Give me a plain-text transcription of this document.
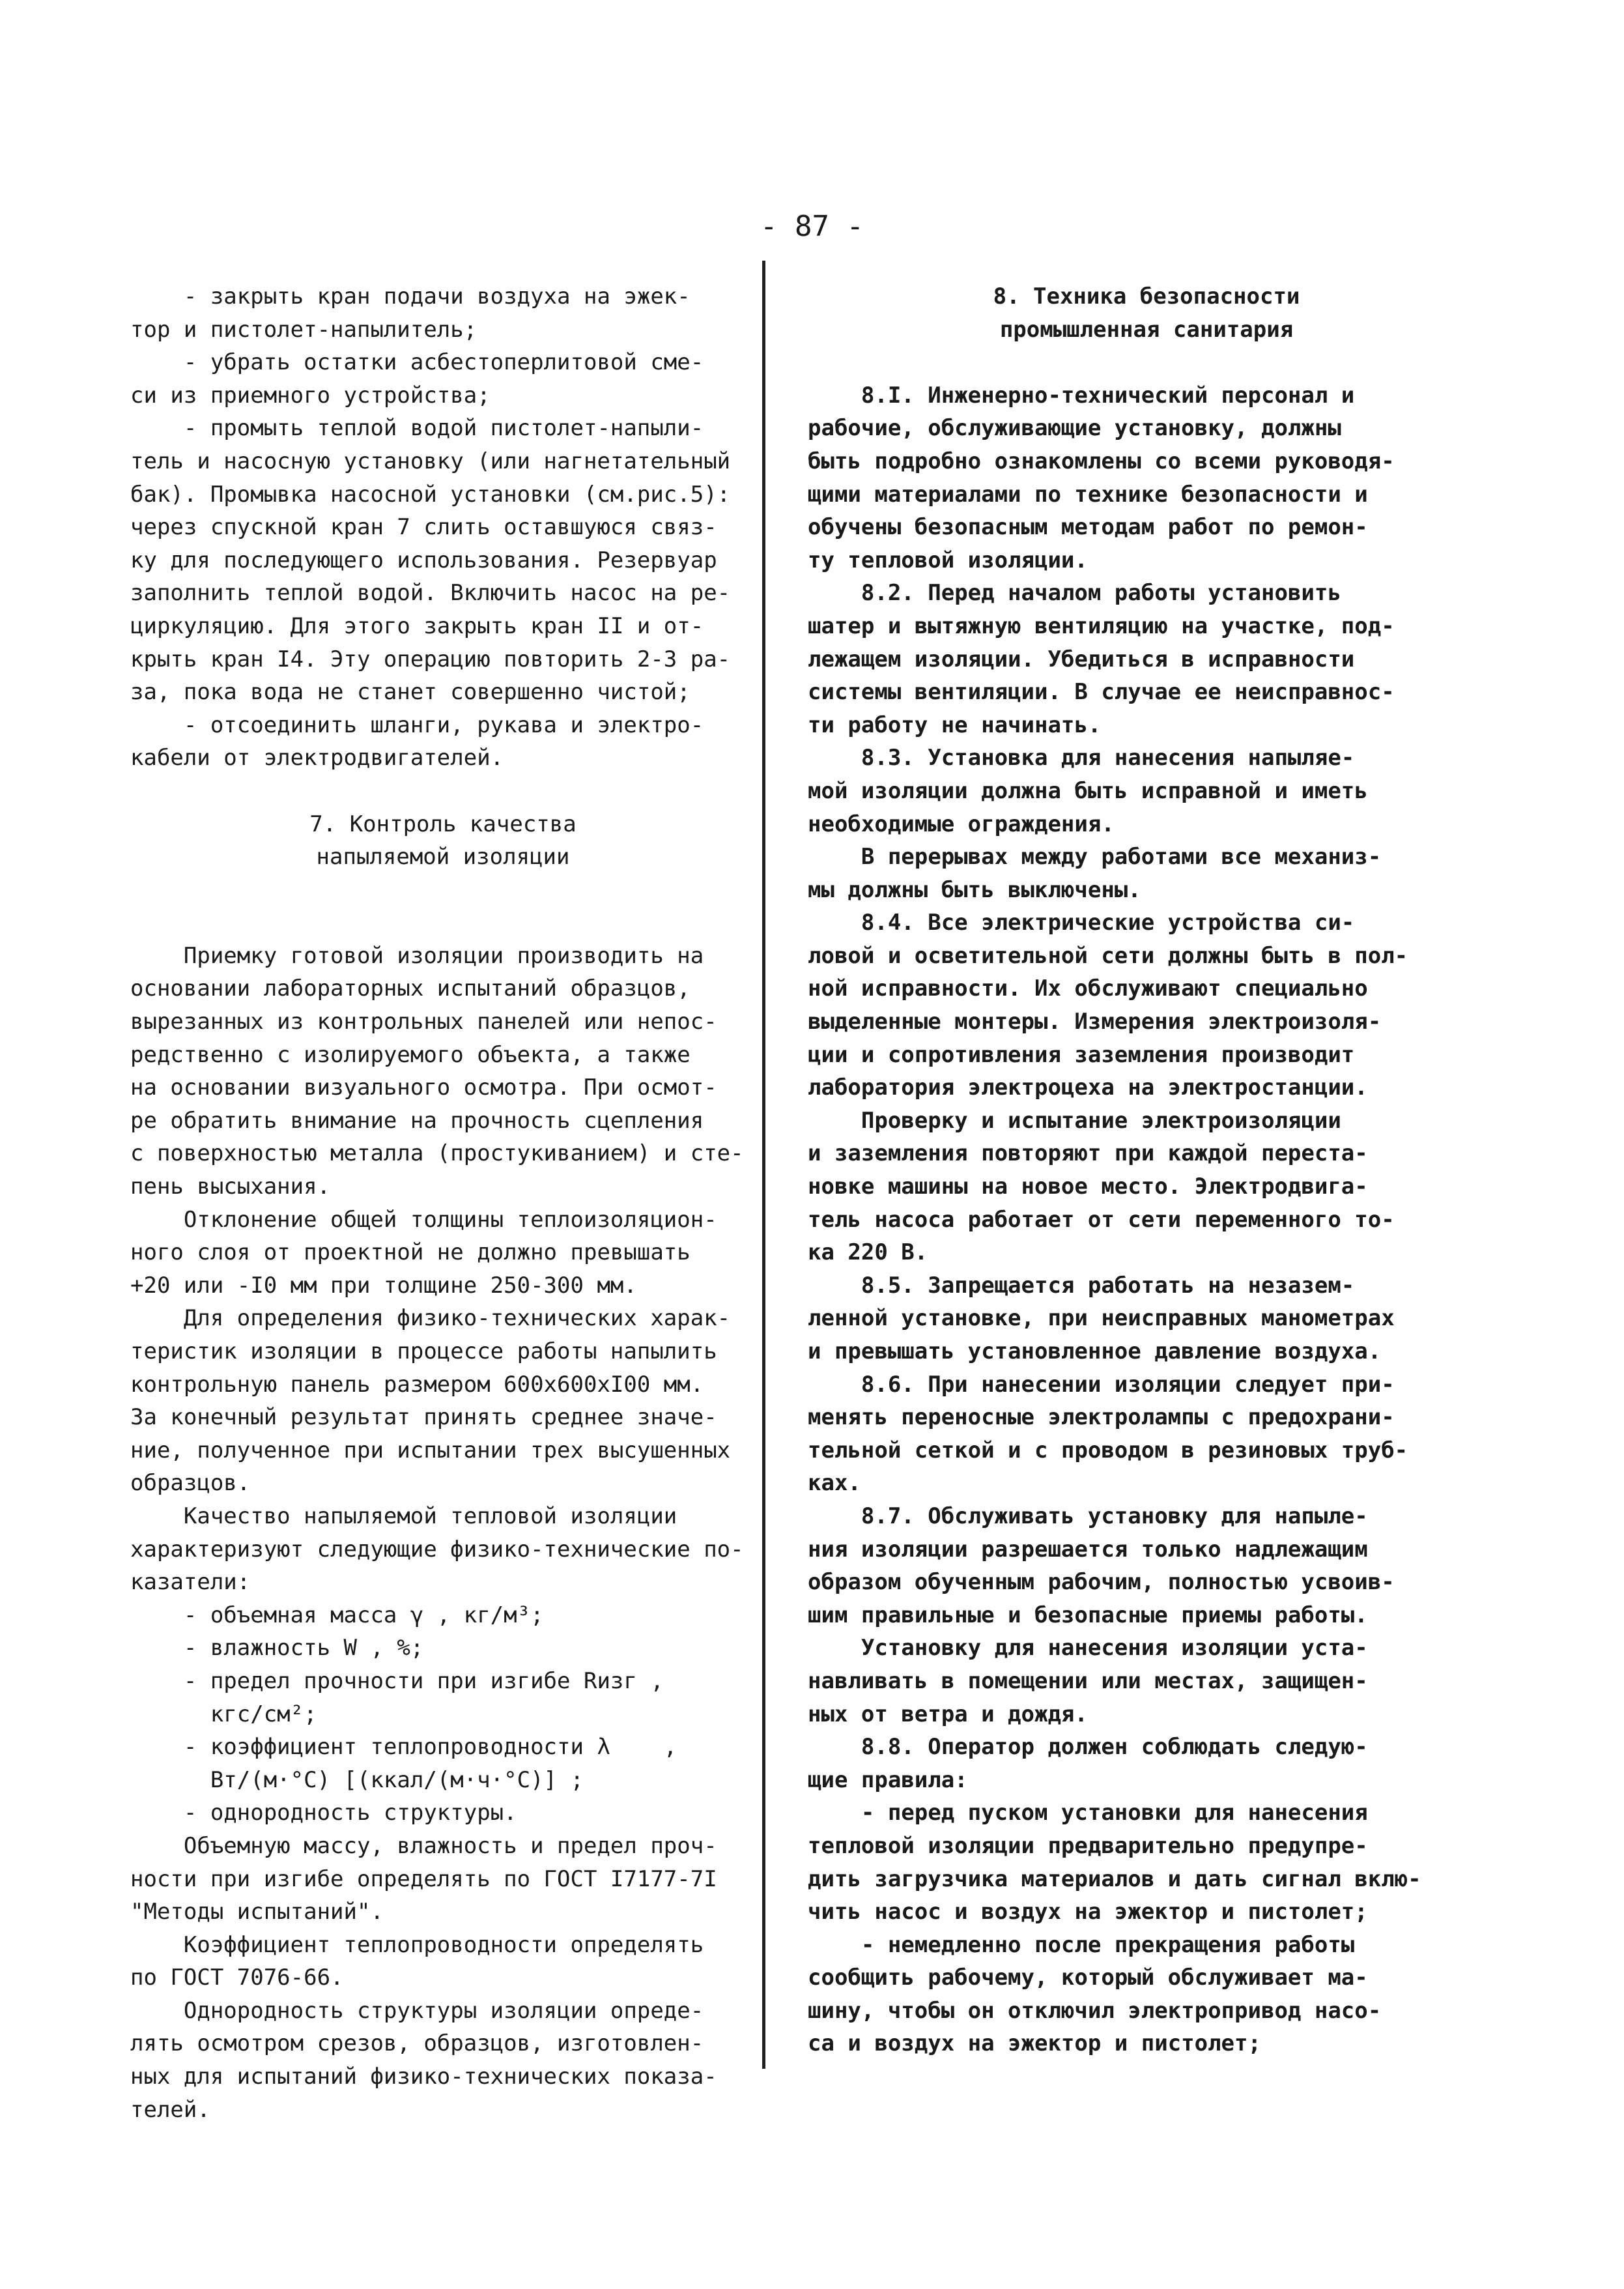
- 87 -
- закрыть кран подачи воздуха на эжек-
тор и пистолет-напылитель;
- убрать остатки асбестоперлитовой сме-
си из приемного устройства;
- промыть теплой водой пистолет-напыли-
тель и насосную установку (или нагнетательный
бак). Промывка насосной установки (см.рис.5):
через спускной кран 7 слить оставшуюся связ-
ку для последующего использования. Резервуар
заполнить теплой водой. Включить насос на ре-
циркуляцию. Для этого закрыть кран II и от-
крыть кран I4. Эту операцию повторить 2-3 ра-
за, пока вода не станет совершенно чистой;
- отсоединить шланги, рукава и электро-
кабели от электродвигателей.
7. Контроль качества
напыляемой изоляции
Приемку готовой изоляции производить на
основании лабораторных испытаний образцов,
вырезанных из контрольных панелей или непос-
редственно с изолируемого объекта, а также
на основании визуального осмотра. При осмот-
ре обратить внимание на прочность сцепления
с поверхностью металла (простукиванием) и сте-
пень высыхания.
Отклонение общей толщины теплоизоляцион-
ного слоя от проектной не должно превышать
+20 или -I0 мм при толщине 250-300 мм.
Для определения физико-технических харак-
теристик изоляции в процессе работы напылить
контрольную панель размером 600x600xI00 мм.
За конечный результат принять среднее значе-
ние, полученное при испытании трех высушенных
образцов.
Качество напыляемой тепловой изоляции
характеризуют следующие физико-технические по-
казатели:
- объемная масса γ , кг/м³;
- влажность W , %;
- предел прочности при изгибе Rизг ,
кгс/см²;
- коэффициент теплопроводности λ    ,
Вт/(м·°C) [(ккал/(м·ч·°C)] ;
- однородность структуры.
Объемную массу, влажность и предел проч-
ности при изгибе определять по ГОСТ I7177-7I
"Методы испытаний".
Коэффициент теплопроводности определять
по ГОСТ 7076-66.
Однородность структуры изоляции опреде-
лять осмотром срезов, образцов, изготовлен-
ных для испытаний физико-технических показа-
телей.
8. Техника безопасности
промышленная санитария
8.I. Инженерно-технический персонал и
рабочие, обслуживающие установку, должны
быть подробно ознакомлены со всеми руководя-
щими материалами по технике безопасности и
обучены безопасным методам работ по ремон-
ту тепловой изоляции.
8.2. Перед началом работы установить
шатер и вытяжную вентиляцию на участке, под-
лежащем изоляции. Убедиться в исправности
системы вентиляции. В случае ее неисправнос-
ти работу не начинать.
8.3. Установка для нанесения напыляе-
мой изоляции должна быть исправной и иметь
необходимые ограждения.
В перерывах между работами все механиз-
мы должны быть выключены.
8.4. Все электрические устройства си-
ловой и осветительной сети должны быть в пол-
ной исправности. Их обслуживают специально
выделенные монтеры. Измерения электроизоля-
ции и сопротивления заземления производит
лаборатория электроцеха на электростанции.
Проверку и испытание электроизоляции
и заземления повторяют при каждой переста-
новке машины на новое место. Электродвига-
тель насоса работает от сети переменного то-
ка 220 В.
8.5. Запрещается работать на незазем-
ленной установке, при неисправных манометрах
и превышать установленное давление воздуха.
8.6. При нанесении изоляции следует при-
менять переносные электролампы с предохрани-
тельной сеткой и с проводом в резиновых труб-
ках.
8.7. Обслуживать установку для напыле-
ния изоляции разрешается только надлежащим
образом обученным рабочим, полностью усвоив-
шим правильные и безопасные приемы работы.
Установку для нанесения изоляции уста-
навливать в помещении или местах, защищен-
ных от ветра и дождя.
8.8. Оператор должен соблюдать следую-
щие правила:
- перед пуском установки для нанесения
тепловой изоляции предварительно предупре-
дить загрузчика материалов и дать сигнал вклю-
чить насос и воздух на эжектор и пистолет;
- немедленно после прекращения работы
сообщить рабочему, который обслуживает ма-
шину, чтобы он отключил электропривод насо-
са и воздух на эжектор и пистолет;
